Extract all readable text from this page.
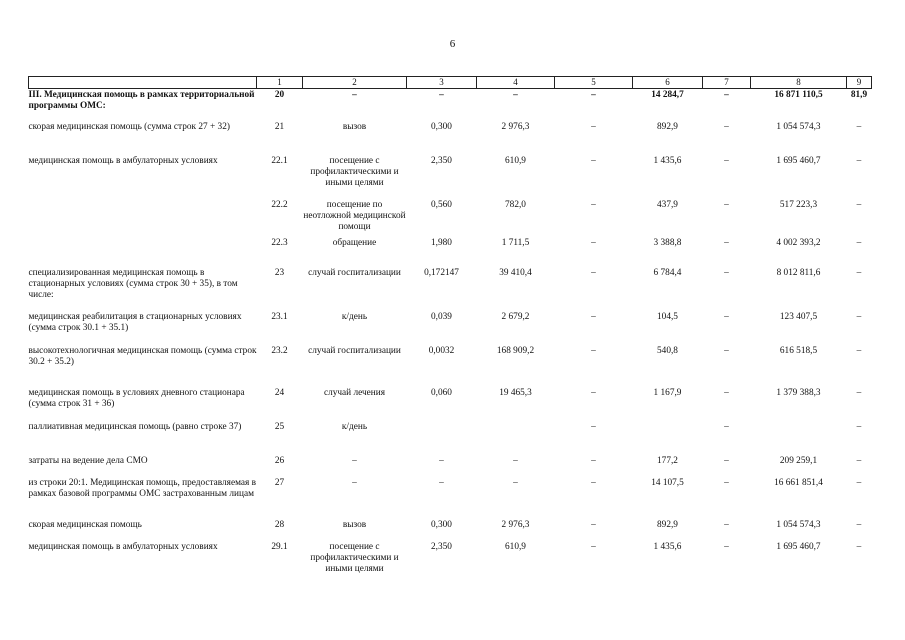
6
	1	2	3	4	5	6	7	8	9
III. Медицинская помощь в рамках территориальной программы ОМС:	20	–	–	–	–	14 284,7	–	16 871 110,5	81,9
скорая медицинская помощь (сумма строк 27 + 32)	21	вызов	0,300	2 976,3	–	892,9	–	1 054 574,3	–
медицинская помощь в амбулаторных условиях	22.1	посещение с профилактическими и иными целями	2,350	610,9	–	1 435,6	–	1 695 460,7	–
	22.2	посещение по неотложной медицинской помощи	0,560	782,0	–	437,9	–	517 223,3	–
	22.3	обращение	1,980	1 711,5	–	3 388,8	–	4 002 393,2	–
специализированная медицинская помощь в стационарных условиях (сумма строк 30 + 35), в том числе:	23	случай госпитализации	0,172147	39 410,4	–	6 784,4	–	8 012 811,6	–
медицинская реабилитация в стационарных условиях (сумма строк 30.1 + 35.1)	23.1	к/день	0,039	2 679,2	–	104,5	–	123 407,5	–
высокотехнологичная медицинская помощь (сумма строк 30.2 + 35.2)	23.2	случай госпитализации	0,0032	168 909,2	–	540,8	–	616 518,5	–
медицинская помощь в условиях дневного стационара (сумма строк 31 + 36)	24	случай лечения	0,060	19 465,3	–	1 167,9	–	1 379 388,3	–
паллиативная медицинская помощь (равно строке 37)	25	к/день			–		–		–
затраты на ведение дела СМО	26	–	–	–	–	177,2	–	209 259,1	–
из строки 20:1. Медицинская помощь, предоставляемая в рамках базовой программы ОМС застрахованным лицам	27	–	–	–	–	14 107,5	–	16 661 851,4	–
скорая медицинская помощь	28	вызов	0,300	2 976,3	–	892,9	–	1 054 574,3	–
медицинская помощь в амбулаторных условиях	29.1	посещение с профилактическими и иными целями	2,350	610,9	–	1 435,6	–	1 695 460,7	–
